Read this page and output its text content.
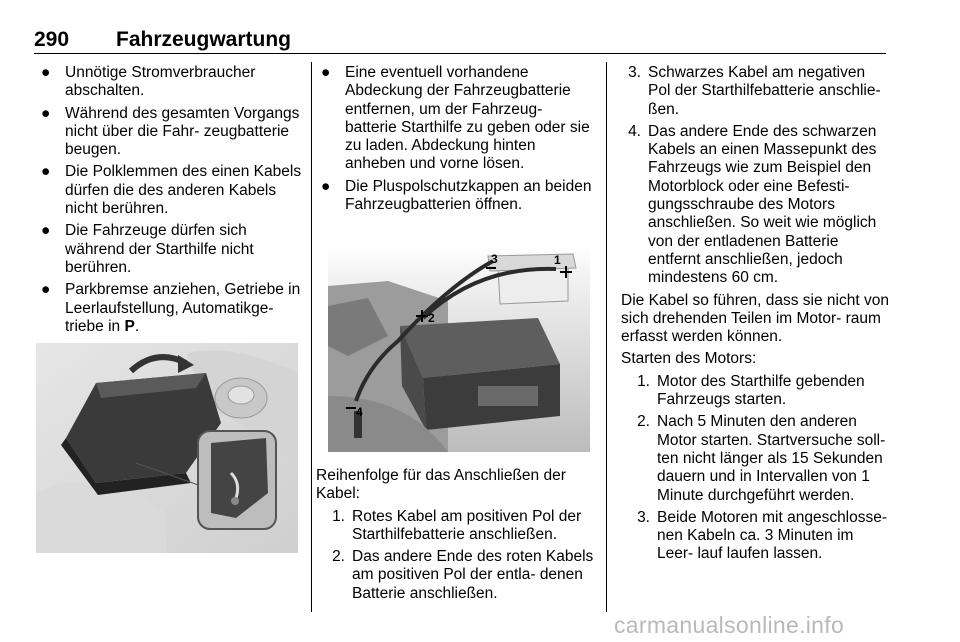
290 Fahrzeugwartung
● Unnötige Stromverbraucher abschalten.
● Während des gesamten Vorgangs nicht über die Fahr- zeugbatterie beugen.
● Die Polklemmen des einen Kabels dürfen die des anderen Kabels nicht berühren.
● Die Fahrzeuge dürfen sich während der Starthilfe nicht berühren.
● Parkbremse anziehen, Getriebe in Leerlaufstellung, Automatikge- triebe in P.
● Eine eventuell vorhandene Abdeckung der Fahrzeugbatterie entfernen, um der Fahrzeug- batterie Starthilfe zu geben oder sie zu laden. Abdeckung hinten anheben und vorne lösen.
● Die Pluspolschutzkappen an beiden Fahrzeugbatterien öffnen.
2
3	1
4
Reihenfolge für das Anschließen der Kabel:
1. Rotes Kabel am positiven Pol der Starthilfebatterie anschließen.
2. Das andere Ende des roten Kabels am positiven Pol der entla- denen Batterie anschließen.
3. Schwarzes Kabel am negativen Pol der Starthilfebatterie anschlie- ßen.
4. Das andere Ende des schwarzen Kabels an einen Massepunkt des Fahrzeugs wie zum Beispiel den Motorblock oder eine Befesti- gungsschraube des Motors anschließen. So weit wie möglich von der entladenen Batterie entfernt anschließen, jedoch mindestens 60 cm.
Die Kabel so führen, dass sie nicht von sich drehenden Teilen im Motor- raum erfasst werden können.
Starten des Motors:
1. Motor des Starthilfe gebenden Fahrzeugs starten.
2. Nach 5 Minuten den anderen Motor starten. Startversuche soll- ten nicht länger als 15 Sekunden dauern und in Intervallen von 1 Minute durchgeführt werden.
3. Beide Motoren mit angeschlosse- nen Kabeln ca. 3 Minuten im Leer- lauf laufen lassen.
carmanualsonline.info
